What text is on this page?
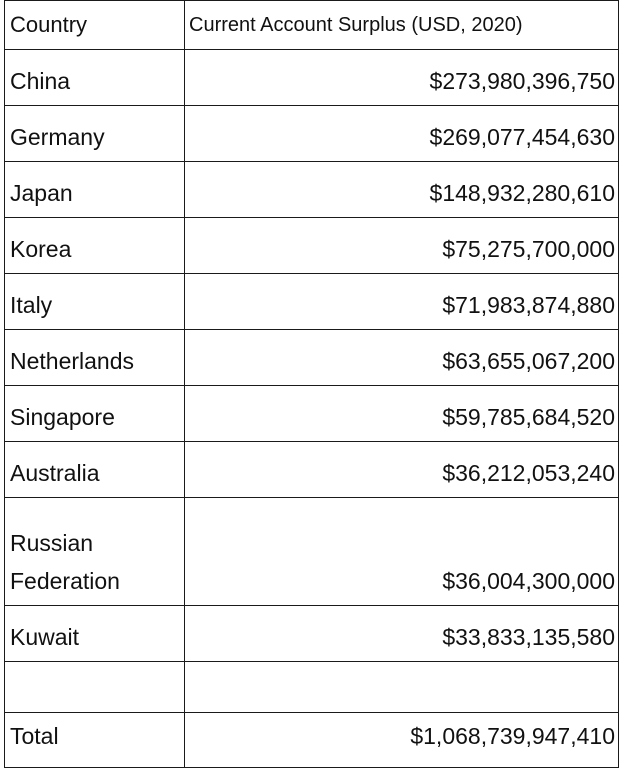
Country	Current Account Surplus (USD, 2020)
China	$273,980,396,750
Germany	$269,077,454,630
Japan	$148,932,280,610
Korea	$75,275,700,000
Italy	$71,983,874,880
Netherlands	$63,655,067,200
Singapore	$59,785,684,520
Australia	$36,212,053,240
Russian Federation	$36,004,300,000
Kuwait	$33,833,135,580

Total	$1,068,739,947,410
